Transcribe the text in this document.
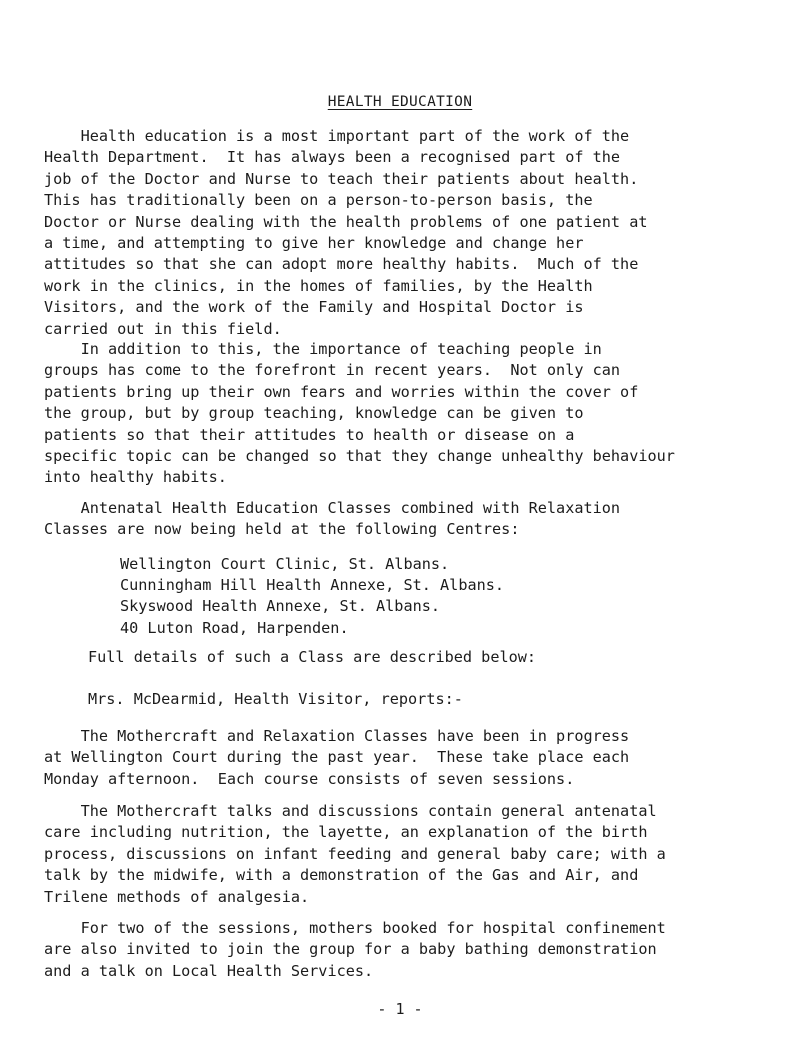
HEALTH EDUCATION
Health education is a most important part of the work of the
Health Department.  It has always been a recognised part of the
job of the Doctor and Nurse to teach their patients about health.
This has traditionally been on a person-to-person basis, the
Doctor or Nurse dealing with the health problems of one patient at
a time, and attempting to give her knowledge and change her
attitudes so that she can adopt more healthy habits.  Much of the
work in the clinics, in the homes of families, by the Health
Visitors, and the work of the Family and Hospital Doctor is
carried out in this field.
In addition to this, the importance of teaching people in
groups has come to the forefront in recent years.  Not only can
patients bring up their own fears and worries within the cover of
the group, but by group teaching, knowledge can be given to
patients so that their attitudes to health or disease on a
specific topic can be changed so that they change unhealthy behaviour
into healthy habits.
Antenatal Health Education Classes combined with Relaxation
Classes are now being held at the following Centres:
Wellington Court Clinic, St. Albans.
Cunningham Hill Health Annexe, St. Albans.
Skyswood Health Annexe, St. Albans.
40 Luton Road, Harpenden.
Full details of such a Class are described below:
Mrs. McDearmid, Health Visitor, reports:-
The Mothercraft and Relaxation Classes have been in progress
at Wellington Court during the past year.  These take place each
Monday afternoon.  Each course consists of seven sessions.
The Mothercraft talks and discussions contain general antenatal
care including nutrition, the layette, an explanation of the birth
process, discussions on infant feeding and general baby care; with a
talk by the midwife, with a demonstration of the Gas and Air, and
Trilene methods of analgesia.
For two of the sessions, mothers booked for hospital confinement
are also invited to join the group for a baby bathing demonstration
and a talk on Local Health Services.
- 1 -
